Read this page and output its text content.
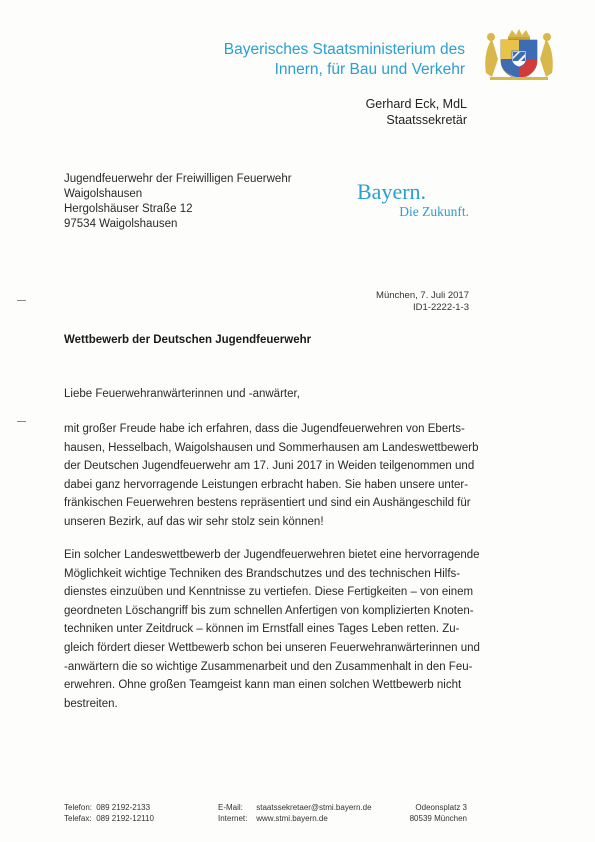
Bayerisches Staatsministerium des
Innern, für Bau und Verkehr
Gerhard Eck, MdL
Staatssekretär
Jugendfeuerwehr der Freiwilligen Feuerwehr
Waigolshausen
Hergolshäuser Straße 12
97534 Waigolshausen
Bayern.
Die Zukunft.
München, 7. Juli 2017
ID1-2222-1-3
Wettbewerb der Deutschen Jugendfeuerwehr
Liebe Feuerwehranwärterinnen und -anwärter,
mit großer Freude habe ich erfahren, dass die Jugendfeuerwehren von Eberts-
hausen, Hesselbach, Waigolshausen und Sommerhausen am Landeswettbewerb
der Deutschen Jugendfeuerwehr am 17. Juni 2017 in Weiden teilgenommen und
dabei ganz hervorragende Leistungen erbracht haben. Sie haben unsere unter-
fränkischen Feuerwehren bestens repräsentiert und sind ein Aushängeschild für
unseren Bezirk, auf das wir sehr stolz sein können!
Ein solcher Landeswettbewerb der Jugendfeuerwehren bietet eine hervorragende
Möglichkeit wichtige Techniken des Brandschutzes und des technischen Hilfs-
dienstes einzuüben und Kenntnisse zu vertiefen. Diese Fertigkeiten – von einem
geordneten Löschangriff bis zum schnellen Anfertigen von komplizierten Knoten-
techniken unter Zeitdruck – können im Ernstfall eines Tages Leben retten. Zu-
gleich fördert dieser Wettbewerb schon bei unseren Feuerwehranwärterinnen und
-anwärtern die so wichtige Zusammenarbeit und den Zusammenhalt in den Feu-
erwehren. Ohne großen Teamgeist kann man einen solchen Wettbewerb nicht
bestreiten.
Telefon: 089 2192-2133
Telefax: 089 2192-12110
E-Mail: staatssekretaer@stmi.bayern.de
Internet: www.stmi.bayern.de
Odeonsplatz 3
80539 München
